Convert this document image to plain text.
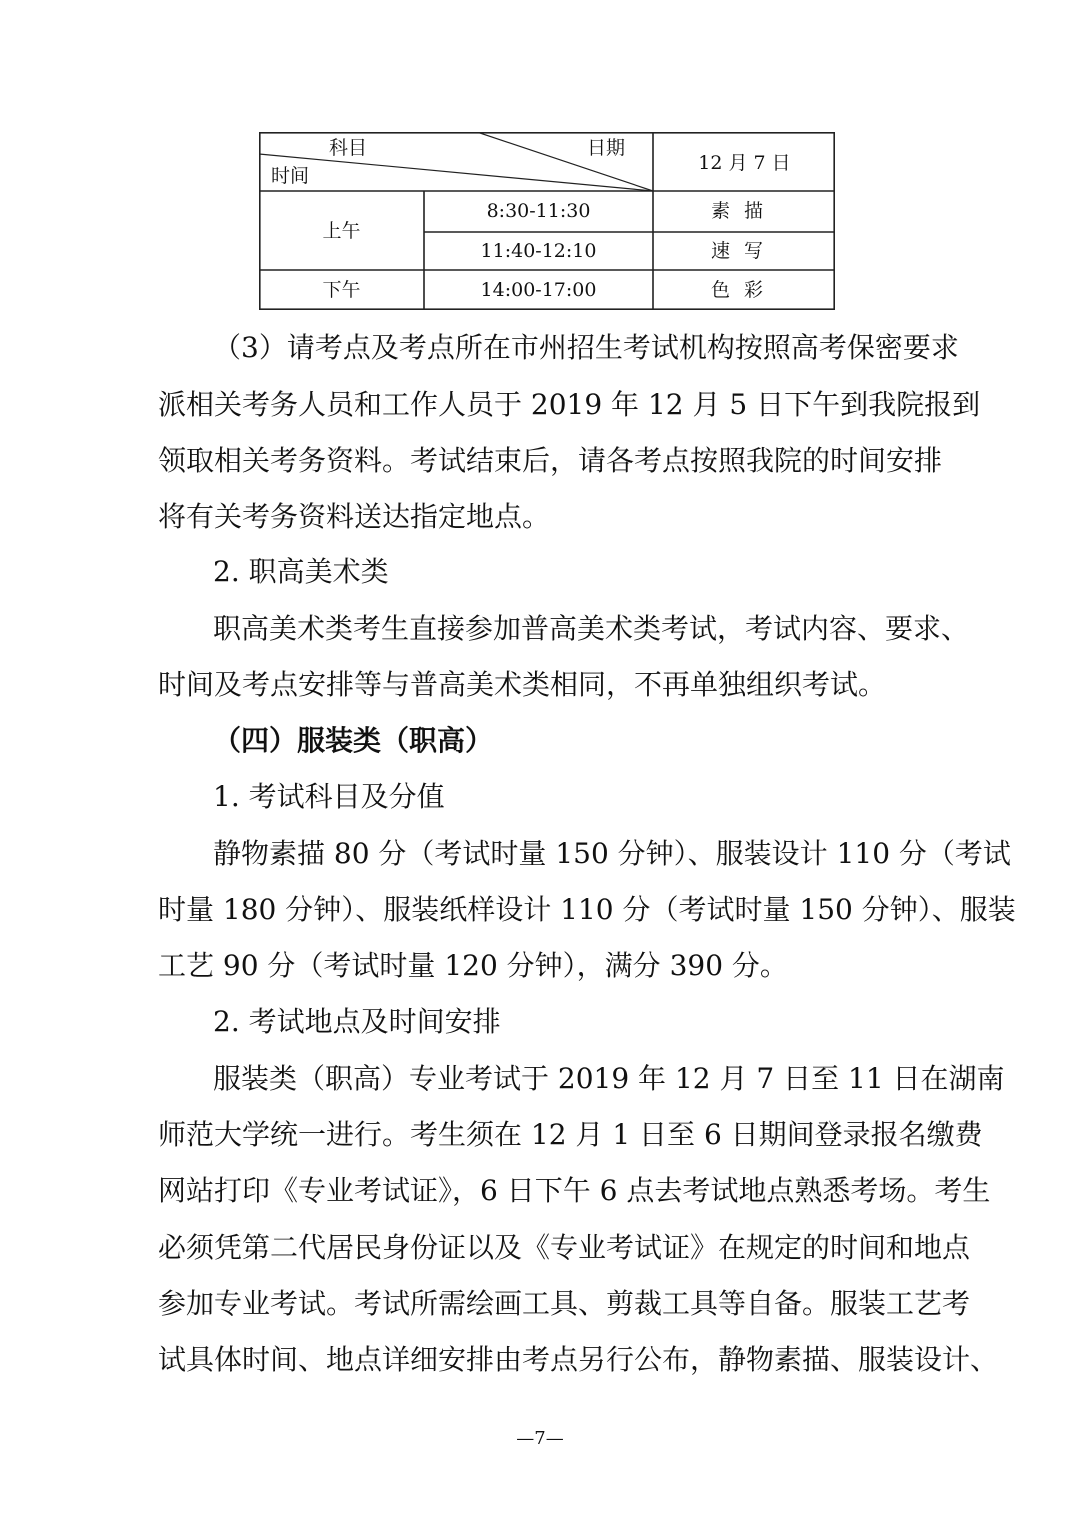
科目	日期
时间
12 月 7 日
上午
下午
8:30-11:30
11:40-12:10
14:00-17:00
素描
速写
色彩
（3）请考点及考点所在市州招生考试机构按照高考保密要求
派相关考务人员和工作人员于 2019 年 12 月 5 日下午到我院报到
领取相关考务资料。考试结束后，请各考点按照我院的时间安排
将有关考务资料送达指定地点。
2. 职高美术类
职高美术类考生直接参加普高美术类考试，考试内容、要求、
时间及考点安排等与普高美术类相同，不再单独组织考试。
（四）服装类（职高）
1. 考试科目及分值
静物素描 80 分（考试时量 150 分钟）、服装设计 110 分（考试
时量 180 分钟）、服装纸样设计 110 分（考试时量 150 分钟）、服装
工艺 90 分（考试时量 120 分钟），满分 390 分。
2. 考试地点及时间安排
服装类（职高）专业考试于 2019 年 12 月 7 日至 11 日在湖南
师范大学统一进行。考生须在 12 月 1 日至 6 日期间登录报名缴费
网站打印《专业考试证》，6 日下午 6 点去考试地点熟悉考场。考生
必须凭第二代居民身份证以及《专业考试证》在规定的时间和地点
参加专业考试。考试所需绘画工具、剪裁工具等自备。服装工艺考
试具体时间、地点详细安排由考点另行公布，静物素描、服装设计、
—7—
